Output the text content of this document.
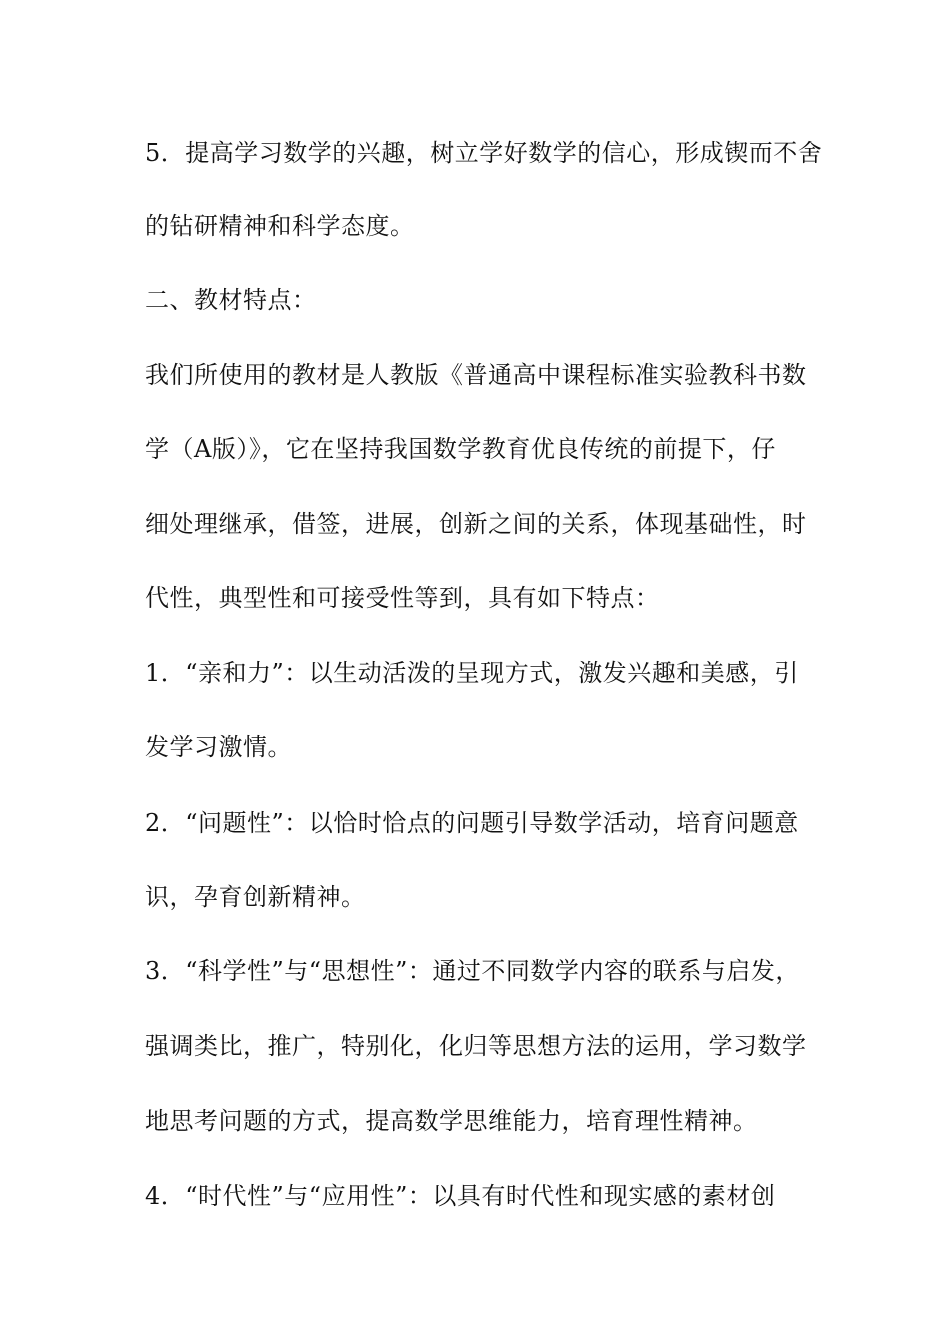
5．提高学习数学的兴趣，树立学好数学的信心，形成锲而不舍
的钻研精神和科学态度。
二、教材特点：
我们所使用的教材是人教版《普通高中课程标准实验教科书数
学（A版）》，它在坚持我国数学教育优良传统的前提下，仔
细处理继承，借签，进展，创新之间的关系，体现基础性，时
代性，典型性和可接受性等到，具有如下特点：
1．“亲和力”：以生动活泼的呈现方式，激发兴趣和美感，引
发学习激情。
2．“问题性”：以恰时恰点的问题引导数学活动，培育问题意
识，孕育创新精神。
3．“科学性”与“思想性”：通过不同数学内容的联系与启发，
强调类比，推广，特别化，化归等思想方法的运用，学习数学
地思考问题的方式，提高数学思维能力，培育理性精神。
4．“时代性”与“应用性”：以具有时代性和现实感的素材创
